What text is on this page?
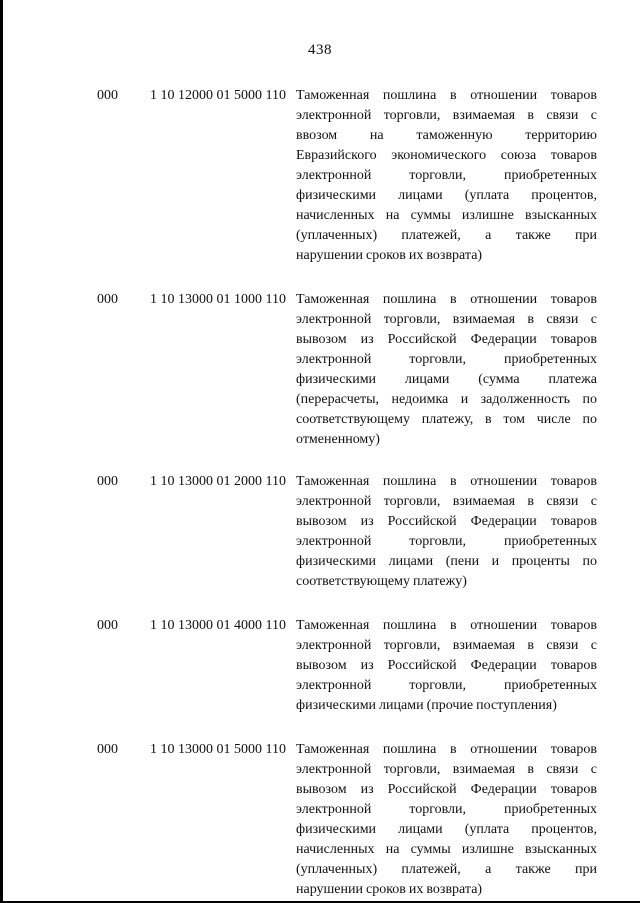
438
000	1 10 12000 01 5000 110 Таможенная пошлина в отношении товаров
электронной торговли, взимаемая в связи с
ввозом на таможенную территорию
Евразийского экономического союза товаров
электронной торговли, приобретенных
физическими лицами (уплата процентов,
начисленных на суммы излишне взысканных
(уплаченных) платежей, а также при
нарушении сроков их возврата)
000	1 10 13000 01 1000 110 Таможенная пошлина в отношении товаров
электронной торговли, взимаемая в связи с
вывозом из Российской Федерации товаров
электронной торговли, приобретенных
физическими лицами (сумма платежа
(перерасчеты, недоимка и задолженность по
соответствующему платежу, в том числе по
отмененному)
000	1 10 13000 01 2000 110 Таможенная пошлина в отношении товаров
электронной торговли, взимаемая в связи с
вывозом из Российской Федерации товаров
электронной торговли, приобретенных
физическими лицами (пени и проценты по
соответствующему платежу)
000	1 10 13000 01 4000 110 Таможенная пошлина в отношении товаров
электронной торговли, взимаемая в связи с
вывозом из Российской Федерации товаров
электронной торговли, приобретенных
физическими лицами (прочие поступления)
000	1 10 13000 01 5000 110 Таможенная пошлина в отношении товаров
электронной торговли, взимаемая в связи с
вывозом из Российской Федерации товаров
электронной торговли, приобретенных
физическими лицами (уплата процентов,
начисленных на суммы излишне взысканных
(уплаченных) платежей, а также при
нарушении сроков их возврата)
